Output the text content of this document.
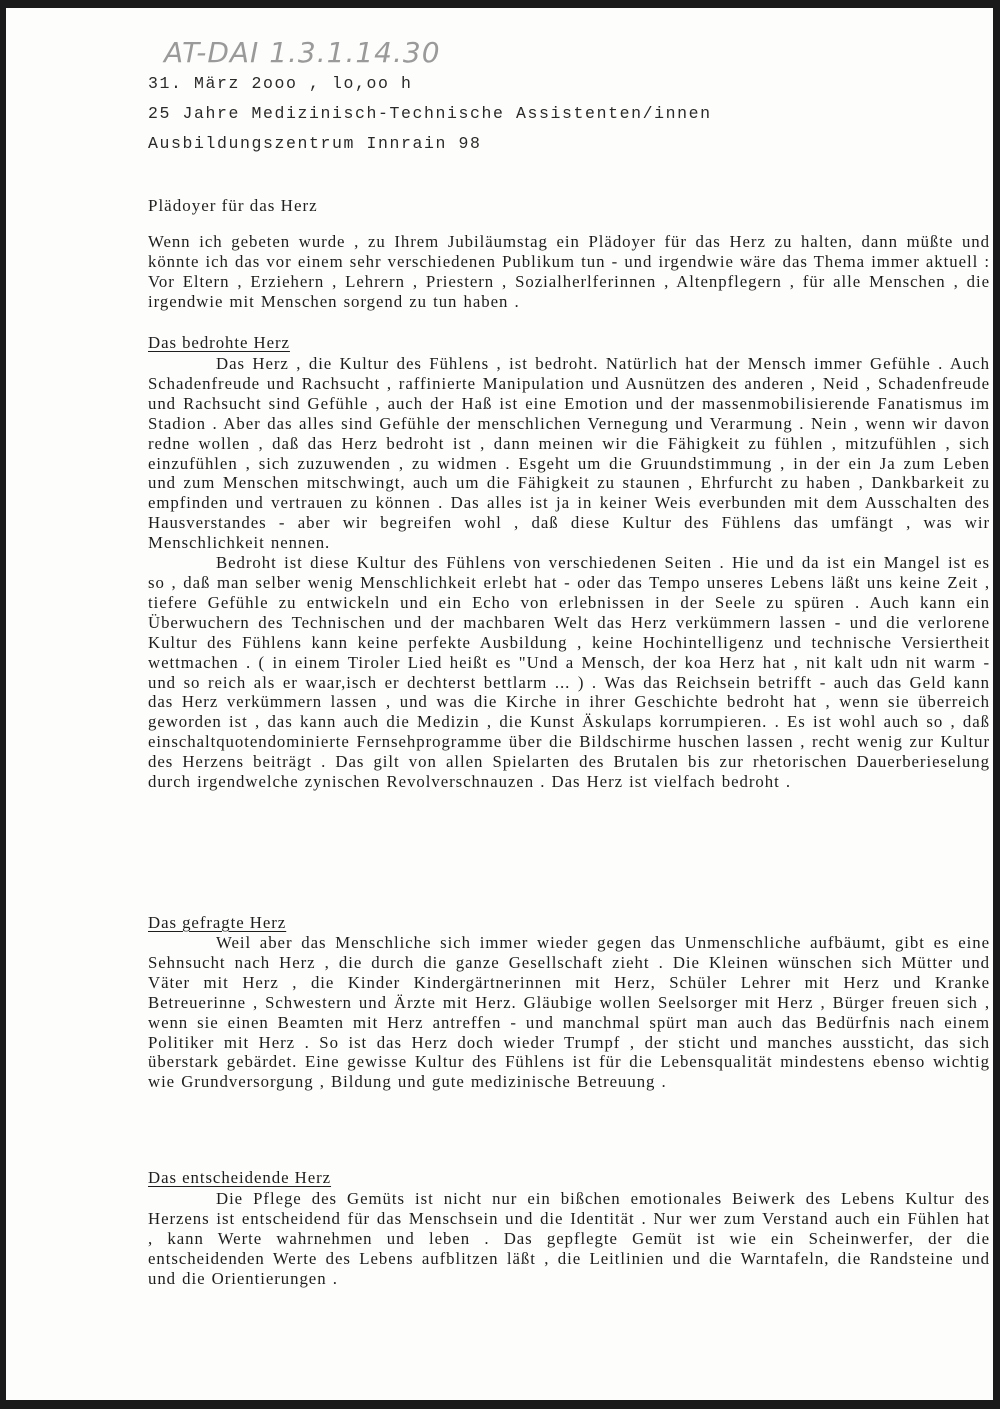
AT-DAI 1.3.1.14.30
31. März 2ooo , lo,oo h
25 Jahre Medizinisch-Technische Assistenten/innen
Ausbildungszentrum Innrain 98
Plädoyer für das Herz

Wenn ich gebeten wurde , zu Ihrem Jubiläumstag ein Plädoyer für das Herz zu halten, dann müßte und könnte ich das vor einem sehr verschiedenen Publikum tun - und irgendwie wäre das Thema immer aktuell : Vor Eltern , Erziehern , Lehrern , Priestern , Sozialherlferinnen , Altenpflegern , für alle Menschen , die irgendwie mit Menschen sorgend zu tun haben .

Das bedrohte Herz

Das Herz , die Kultur des Fühlens , ist bedroht. Natürlich hat der Mensch immer Gefühle . Auch Schadenfreude und Rachsucht , raffinierte Manipulation und Ausnützen des anderen , Neid , Schadenfreude und Rachsucht sind Gefühle , auch der Haß ist eine Emotion und der massenmobilisierende Fanatismus im Stadion . Aber das alles sind Gefühle der menschlichen Vernegung und Verarmung . Nein , wenn wir davon redne wollen , daß das Herz bedroht ist , dann meinen wir die Fähigkeit zu fühlen , mitzufühlen , sich einzufühlen , sich zuzuwenden , zu widmen . Esgeht um die Gruundstimmung , in der ein Ja zum Leben und zum Menschen mitschwingt, auch um die Fähigkeit zu staunen , Ehrfurcht zu haben , Dankbarkeit zu empfinden und vertrauen zu können . Das alles ist ja in keiner Weis everbunden mit dem Ausschalten des Hausverstandes - aber wir begreifen wohl , daß diese Kultur des Fühlens das umfängt , was wir Menschlichkeit nennen.

Bedroht ist diese Kultur des Fühlens von verschiedenen Seiten . Hie und da ist ein Mangel ist es so , daß man selber wenig Menschlichkeit erlebt hat - oder das Tempo unseres Lebens läßt uns keine Zeit , tiefere Gefühle zu entwickeln und ein Echo von erlebnissen in der Seele zu spüren . Auch kann ein Überwuchern des Technischen und der machbaren Welt das Herz verkümmern lassen - und die verlorene Kultur des Fühlens kann keine perfekte Ausbildung , keine Hochintelligenz und technische Versiertheit wettmachen . ( in einem Tiroler Lied heißt es "Und a Mensch, der koa Herz hat , nit kalt udn nit warm - und so reich als er waar,isch er dechterst bettlarm ... ) . Was das Reichsein betrifft - auch das Geld kann das Herz verkümmern lassen , und was die Kirche in ihrer Geschichte bedroht hat , wenn sie überreich geworden ist , das kann auch die Medizin , die Kunst Äskulaps korrumpieren. . Es ist wohl auch so , daß einschaltquotendominierte Fernsehprogramme über die Bildschirme huschen lassen , recht wenig zur Kultur des Herzens beiträgt . Das gilt von allen Spielarten des Brutalen bis zur rhetorischen Dauerberieselung durch irgendwelche zynischen Revolverschnauzen . Das Herz ist vielfach bedroht .

Das gefragte Herz

Weil aber das Menschliche sich immer wieder gegen das Unmenschliche aufbäumt, gibt es eine Sehnsucht nach Herz , die durch die ganze Gesellschaft zieht . Die Kleinen wünschen sich Mütter und Väter mit Herz , die Kinder Kindergärtnerinnen mit Herz, Schüler Lehrer mit Herz und Kranke Betreuerinne , Schwestern und Ärzte mit Herz. Gläubige wollen Seelsorger mit Herz , Bürger freuen sich , wenn sie einen Beamten mit Herz antreffen - und manchmal spürt man auch das Bedürfnis nach einem Politiker mit Herz . So ist das Herz doch wieder Trumpf , der sticht und manches aussticht, das sich überstark gebärdet. Eine gewisse Kultur des Fühlens ist für die Lebensqualität mindestens ebenso wichtig wie Grundversorgung , Bildung und gute medizinische Betreuung .

Das entscheidende Herz

Die Pflege des Gemüts ist nicht nur ein bißchen emotionales Beiwerk des Lebens Kultur des Herzens ist entscheidend für das Menschsein und die Identität . Nur wer zum Verstand auch ein Fühlen hat , kann Werte wahrnehmen und leben . Das gepflegte Gemüt ist wie ein Scheinwerfer, der die entscheidenden Werte des Lebens aufblitzen läßt , die Leitlinien und die Warntafeln, die Randsteine und und die Orientierungen .
